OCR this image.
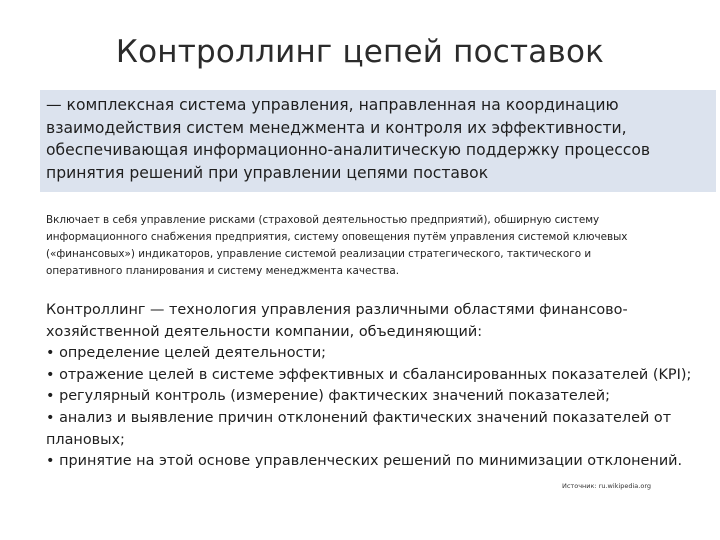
Контроллинг цепей поставок
— комплексная система управления, направленная на координацию
взаимодействия систем менеджмента и контроля их эффективности,
обеспечивающая информационно-аналитическую поддержку процессов
принятия решений при управлении цепями поставок
Включает в себя управление рисками (страховой деятельностью предприятий), обширную систему
информационного снабжения предприятия, систему оповещения путём управления системой ключевых
(«финансовых») индикаторов, управление системой реализации стратегического, тактического и
оперативного планирования и систему менеджмента качества.
Контроллинг — технология управления различными областями финансово-
хозяйственной деятельности компании, объединяющий:
• определение целей деятельности;
• отражение целей в системе эффективных и сбалансированных показателей (KPI);
• регулярный контроль (измерение) фактических значений показателей;
• анализ и выявление причин отклонений фактических значений показателей от
плановых;
• принятие на этой основе управленческих решений по минимизации отклонений.
Источник: ru.wikipedia.org
